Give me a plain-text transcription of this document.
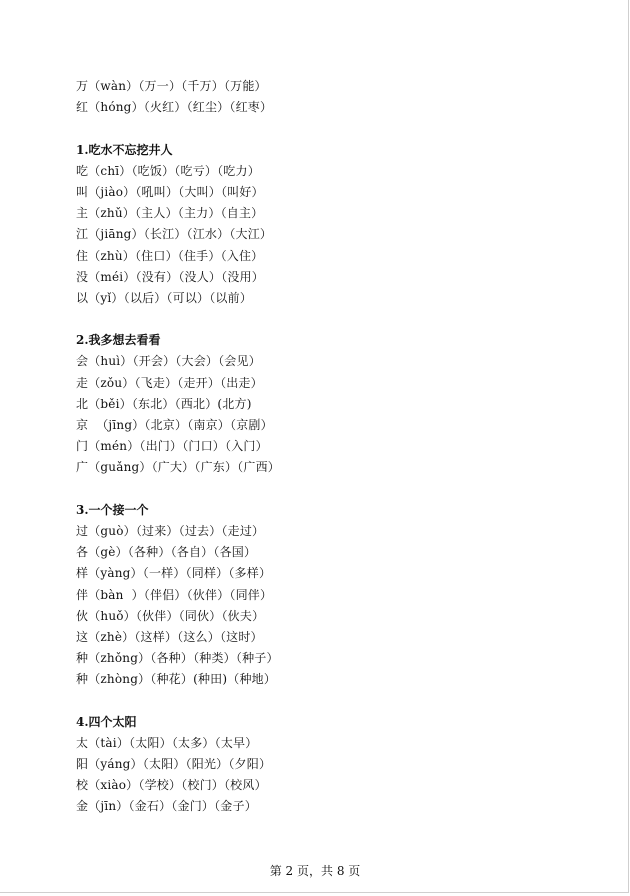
万（wàn）（万一）（千万）（万能）
红（hóng）（火红）（红尘）（红枣）
1.吃水不忘挖井人
吃（chī）（吃饭）（吃亏）（吃力）
叫（jiào）（吼叫）（大叫）（叫好）
主（zhǔ）（主人）（主力）（自主）
江（jiāng）（长江）（江水）（大江）
住（zhù）（住口）（住手）（入住）
没（méi）（没有）（没人）（没用）
以（yǐ）（以后）（可以）（以前）
2.我多想去看看
会（huì）（开会）（大会）（会见）
走（zǒu）（飞走）（走开）（出走）
北（běi）（东北）（西北）(北方)
京  （jīng）（北京）（南京）（京剧）
门（mén）（出门）（门口）（入门）
广（guǎng）（广大）（广东）（广西）
3.一个接一个
过（guò）（过来）（过去）（走过）
各（gè）（各种）（各自）（各国）
样（yàng）（一样）（同样）（多样）
伴（bàn  ）（伴侣）（伙伴）（同伴）
伙（huǒ）（伙伴）（同伙）（伙夫）
这（zhè）（这样）（这么）（这时）
种（zhǒng）（各种）（种类）（种子）
种（zhòng）（种花）(种田)（种地）
4.四个太阳
太（tài）（太阳）（太多）（太早）
阳（yáng）（太阳）（阳光）（夕阳）
校（xiào）（学校）（校门）（校风）
金（jīn）（金石）（金门）（金子）
第 2 页，共 8 页
